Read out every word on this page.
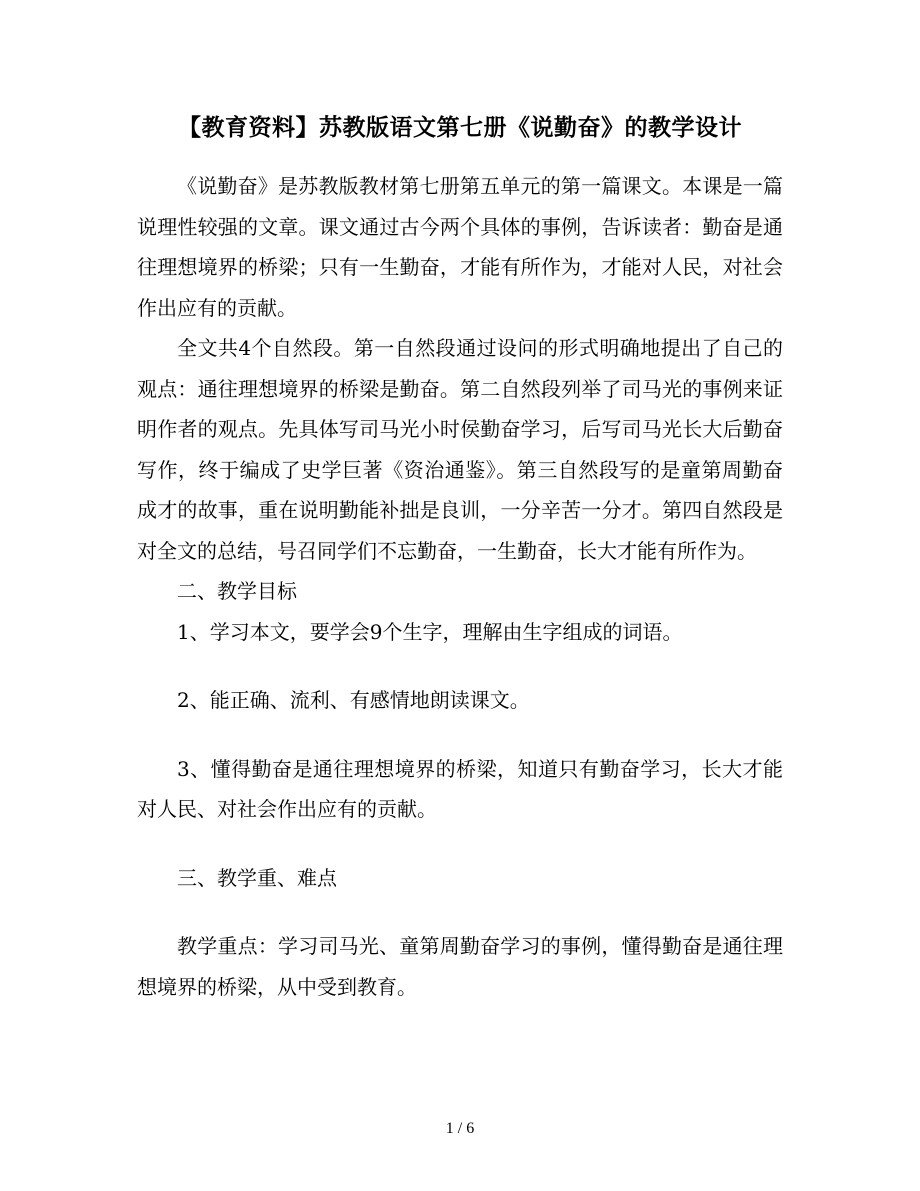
【教育资料】苏教版语文第七册《说勤奋》的教学设计

《说勤奋》是苏教版教材第七册第五单元的第一篇课文。本课是一篇说理性较强的文章。课文通过古今两个具体的事例，告诉读者：勤奋是通往理想境界的桥梁；只有一生勤奋，才能有所作为，才能对人民，对社会作出应有的贡献。

全文共4个自然段。第一自然段通过设问的形式明确地提出了自己的观点：通往理想境界的桥梁是勤奋。第二自然段列举了司马光的事例来证明作者的观点。先具体写司马光小时侯勤奋学习，后写司马光长大后勤奋写作，终于编成了史学巨著《资治通鉴》。第三自然段写的是童第周勤奋成才的故事，重在说明勤能补拙是良训，一分辛苦一分才。第四自然段是对全文的总结，号召同学们不忘勤奋，一生勤奋，长大才能有所作为。

二、教学目标

1、学习本文，要学会9个生字，理解由生字组成的词语。

2、能正确、流利、有感情地朗读课文。

3、懂得勤奋是通往理想境界的桥梁，知道只有勤奋学习，长大才能对人民、对社会作出应有的贡献。

三、教学重、难点

教学重点：学习司马光、童第周勤奋学习的事例，懂得勤奋是通往理想境界的桥梁，从中受到教育。

1 / 6
